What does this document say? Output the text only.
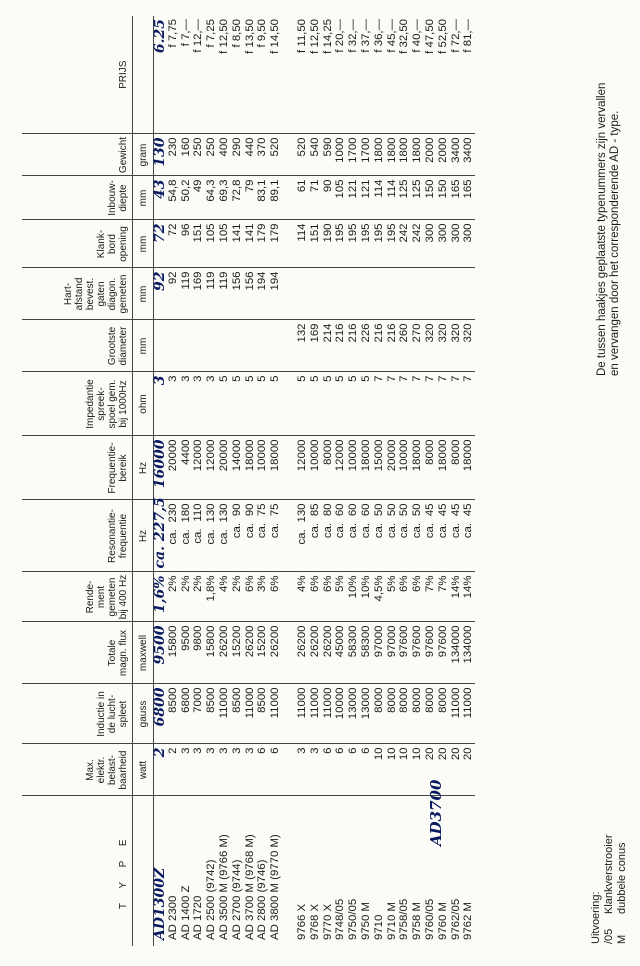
T Y P E	Max. elektr. belast- baarheid	Inductie in de lucht- spleet	Totale magn. flux	Rende- ment gemeten bij 400 Hz	Resonantie- frequentie	Frequentie- bereik	Impedantie spreek- spoel gem. bij 1000Hz	Grootste diameter	Hart- afstand bevest. gaten diagon. gemeten	Klank- bord opening	Inbouw- diepte	Gewicht	PRIJS
	watt	gauss	maxwell		Hz	Hz	ohm	mm	mm	mm	mm	gram	
AD1300Z	2	6800	9500	1,6%	ca. 227,5	16000	3		92	72	43	130	6.25
AD 2300	2	8500	15800	2%	ca.230	20000	3		92	72	54,8	230	f 7,75
AD 1400 Z	3	6800	9500	2%	ca.180	4400	3		119	96	50,2	160	f 7,—
AD 1720	3	7000	9800	2%	ca.110	12000	3		169	151	49	250	f 12,—
AD 2500 (9742)	3	8500	15800	1,8%	ca.130	12000	3		119	105	64,3	250	f 7,25
AD 3500 M (9766 M)	3	11000	26200	4%	ca.130	20000	5		119	105	69,3	400	f 12,50
AD 2700 (9744)	3	8500	15200	2%	ca.90	14000	5		156	141	72,8	290	f 8,50
AD 3700 M (9768 M)	3	11000	26200	6%	ca.90	18000	5		156	141	79	440	f 13,50
AD 2800 (9746)	6	8500	15200	3%	ca.75	10000	5		194	179	83,1	370	f 9,50
AD 3800 M (9770 M)	6	11000	26200	6%	ca.75	18000	5		194	179	89,1	520	f 14,50

9766 X	3	11000	26200	4%	ca.130	12000	5	132		114	61	520	f 11,50
9768 X	3	11000	26200	6%	ca.85	10000	5	169		151	71	540	f 12,50
9770 X	6	11000	26200	6%	ca.80	8000	5	214		190	90	590	f 14,25
9748/05	6	10000	45000	5%	ca.60	12000	5	216		195	105	1000	f 20,—
9750/05	6	13000	58300	10%	ca.60	10000	5	216		195	121	1700	f 32,—
9750 M	6	13000	58300	10%	ca.60	18000	5	226		195	121	1700	f 37,—
9710	10	8000	97000	4,5%	ca.50	15000	7	216		195	114	1800	f 36,—
9710 M	10	8000	97000	5%	ca.50	20000	7	216		195	114	1800	f 45,—
9758/05	10	8000	97600	6%	ca.50	10000	7	260		242	125	1800	f 32,50
9758 M	10	8000	97600	6%	ca.50	18000	7	270		242	125	1800	f 40,—
9760/05	20	8000	97600	7%	ca.45	8000	7	320		300	150	2000	f 47,50
9760 M	20	8000	97600	7%	ca.45	18000	7	320		300	150	2000	f 52,50
9762/05	20	11000	134000	14%	ca.45	8000	7	320		300	165	3400	f 72,—
9762 M	20	11000	134000	14%	ca.45	18000	7	320		300	165	3400	f 81,—
AD3700
Uitvoering: /05Klankverstrooier
Mdubbele conus
De tussen haakjes geplaatste typenummers zijn vervallen en vervangen door het corresponderende AD - type.
